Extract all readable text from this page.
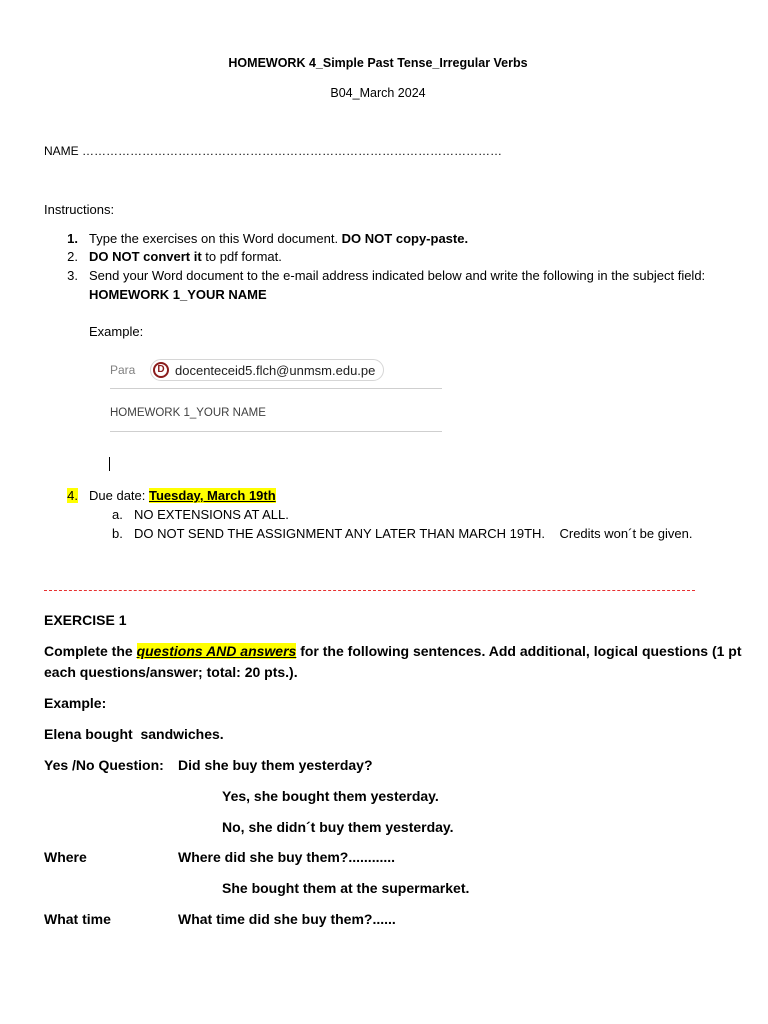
HOMEWORK 4_Simple Past Tense_Irregular Verbs
B04_March 2024
NAME ……………………………………………………………………………………………
Instructions:
1. Type the exercises on this Word document. DO NOT copy-paste.
2. DO NOT convert it to pdf format.
3. Send your Word document to the e-mail address indicated below and write the following in the subject field:
HOMEWORK 1_YOUR NAME
Example:
Para	D docenteceid5.flch@unmsm.edu.pe
HOMEWORK 1_YOUR NAME
4. Due date: Tuesday, March 19th
a. NO EXTENSIONS AT ALL.
b. DO NOT SEND THE ASSIGNMENT ANY LATER THAN MARCH 19TH.    Credits won´t be given.
EXERCISE 1
Complete the questions AND answers for the following sentences. Add additional, logical questions (1 pt
each questions/answer; total: 20 pts.).
Example:
Elena bought  sandwiches.
Yes /No Question: Did she buy them yesterday?
Yes, she bought them yesterday.
No, she didn´t buy them yesterday.
Where	Where did she buy them?............
She bought them at the supermarket.
What time	What time did she buy them?......
